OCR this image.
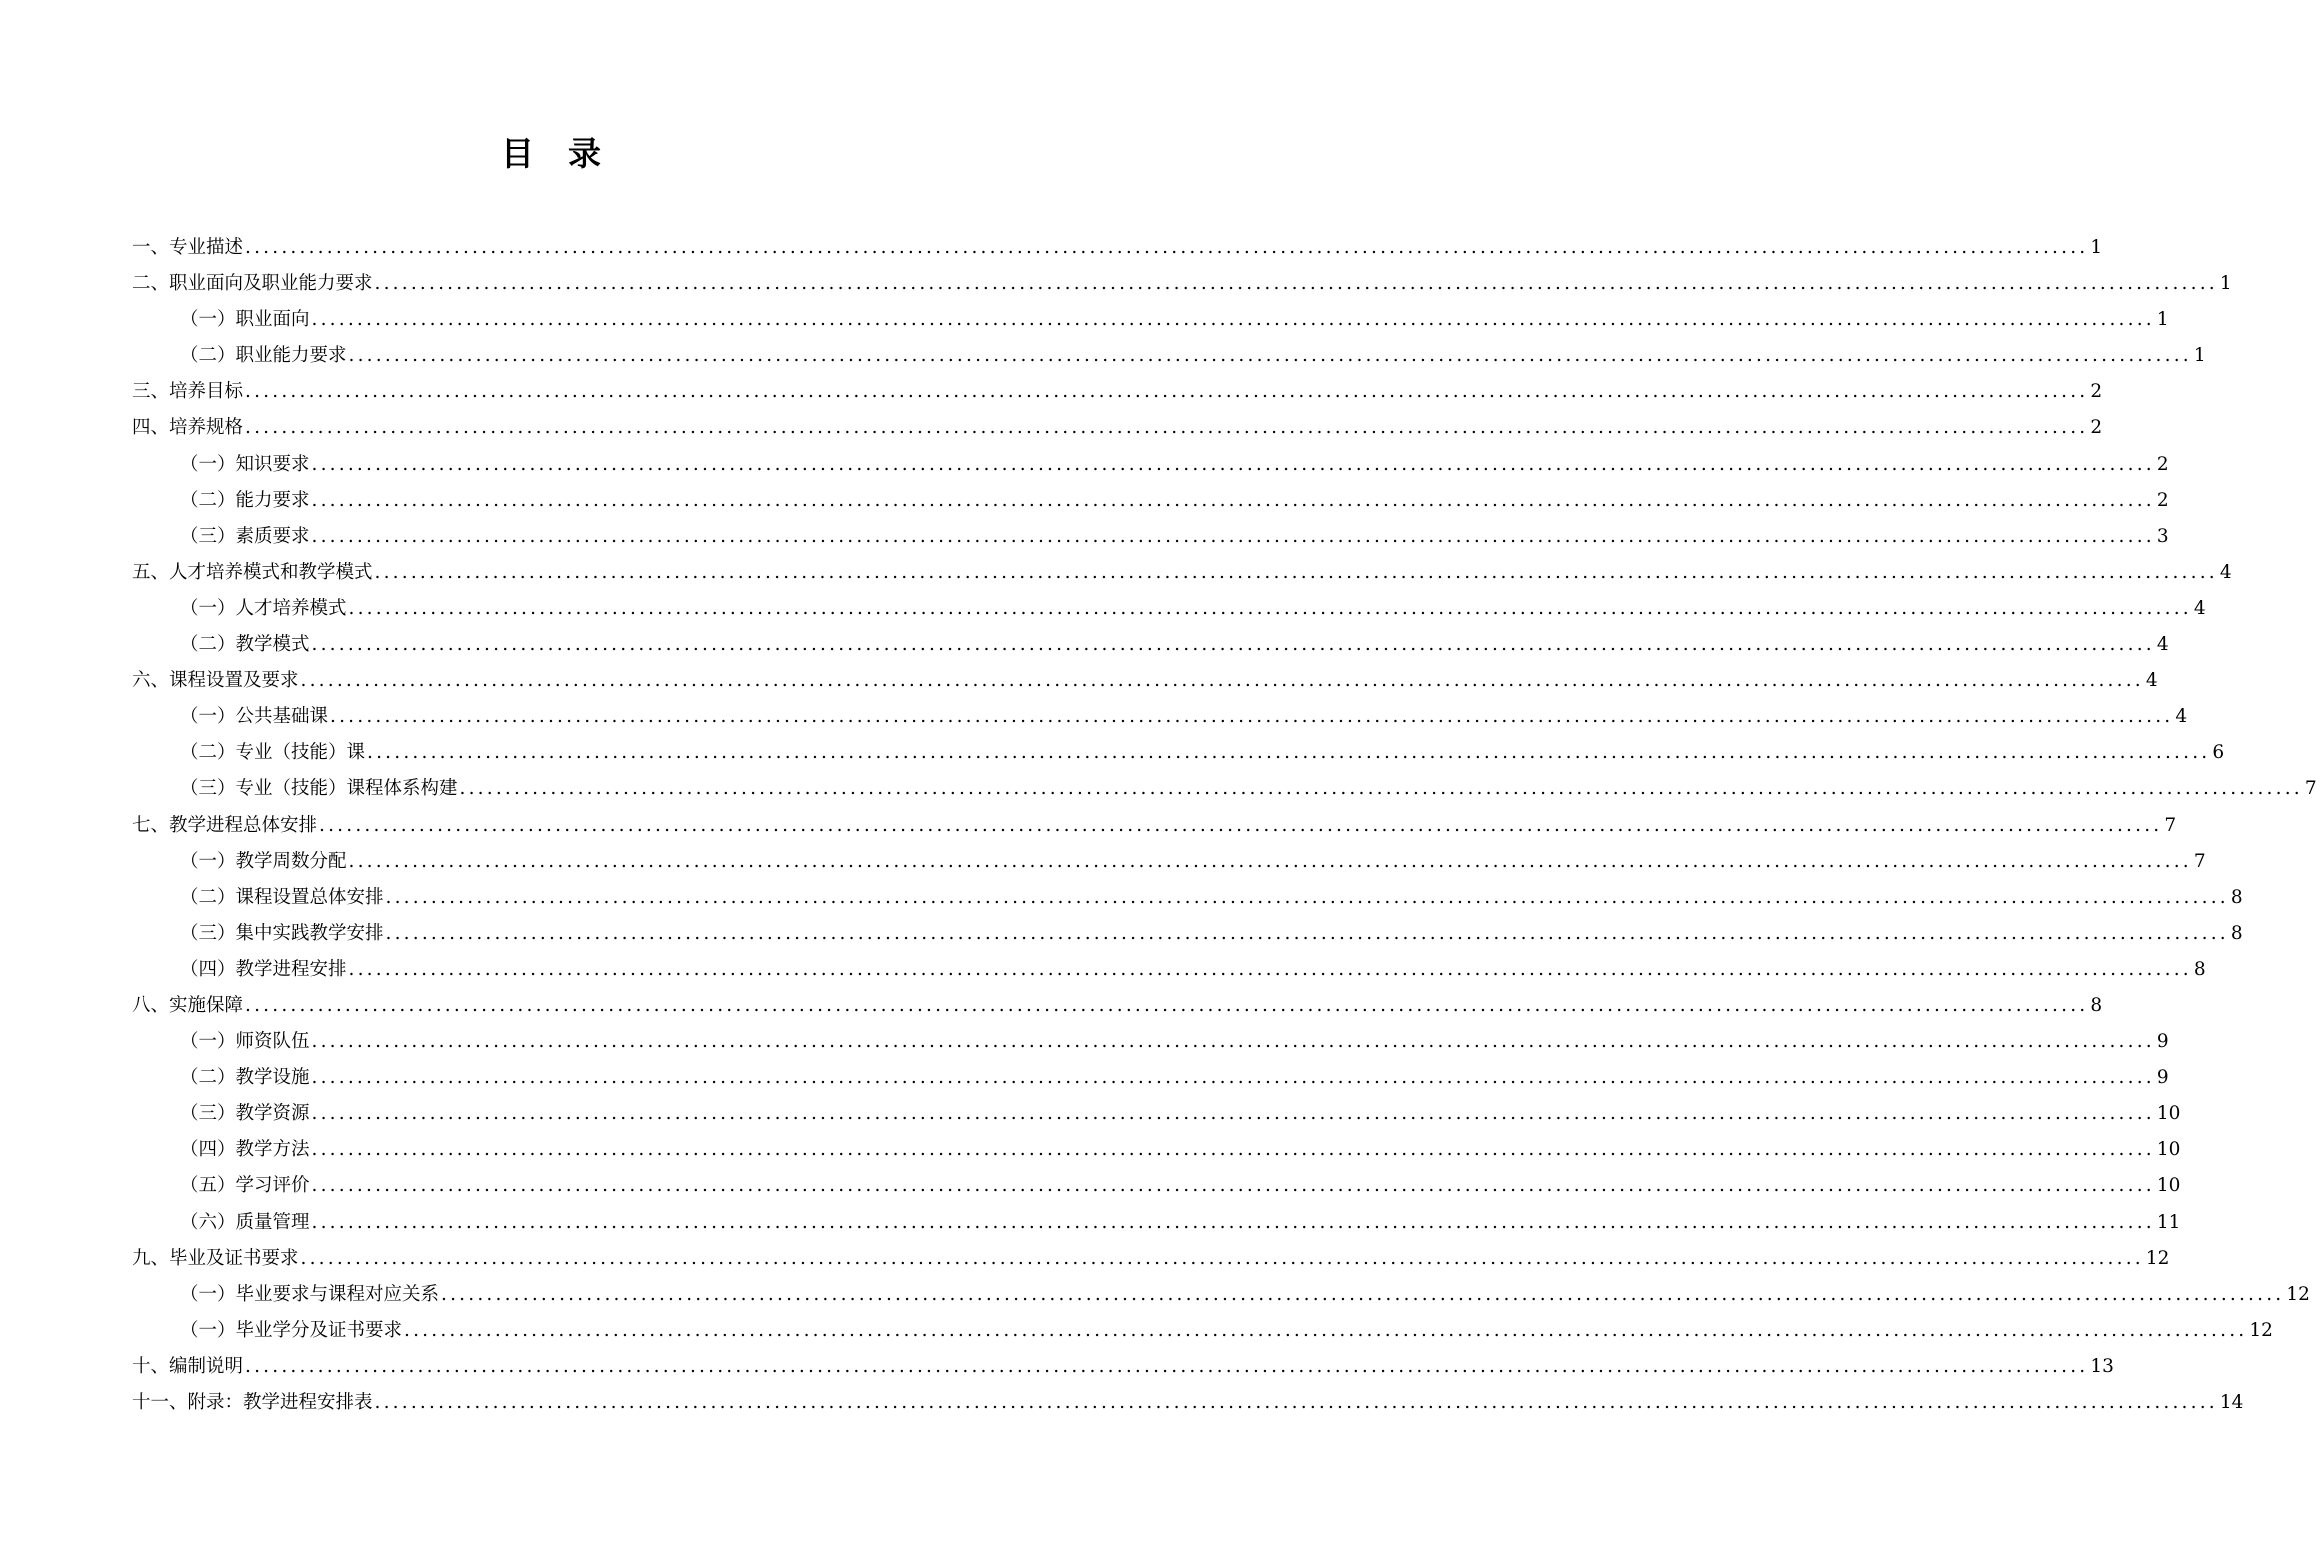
目 录
一、专业描述 ........................................................................................................................................................................................................... 1
二、职业面向及职业能力要求 ........................................................................................................................................................................................................... 1
（一）职业面向 ........................................................................................................................................................................................................... 1
（二）职业能力要求 ........................................................................................................................................................................................................... 1
三、培养目标 ........................................................................................................................................................................................................... 2
四、培养规格 ........................................................................................................................................................................................................... 2
（一）知识要求 ........................................................................................................................................................................................................... 2
（二）能力要求 ........................................................................................................................................................................................................... 2
（三）素质要求 ........................................................................................................................................................................................................... 3
五、人才培养模式和教学模式 ........................................................................................................................................................................................................... 4
（一）人才培养模式 ........................................................................................................................................................................................................... 4
（二）教学模式 ........................................................................................................................................................................................................... 4
六、课程设置及要求 ........................................................................................................................................................................................................... 4
（一）公共基础课 ........................................................................................................................................................................................................... 4
（二）专业（技能）课 ........................................................................................................................................................................................................... 6
（三）专业（技能）课程体系构建 ........................................................................................................................................................................................................... 7
七、教学进程总体安排 ........................................................................................................................................................................................................... 7
（一）教学周数分配 ........................................................................................................................................................................................................... 7
（二）课程设置总体安排 ........................................................................................................................................................................................................... 8
（三）集中实践教学安排 ........................................................................................................................................................................................................... 8
（四）教学进程安排 ........................................................................................................................................................................................................... 8
八、实施保障 ........................................................................................................................................................................................................... 8
（一）师资队伍 ........................................................................................................................................................................................................... 9
（二）教学设施 ........................................................................................................................................................................................................... 9
（三）教学资源 ........................................................................................................................................................................................................... 10
（四）教学方法 ........................................................................................................................................................................................................... 10
（五）学习评价 ........................................................................................................................................................................................................... 10
（六）质量管理 ........................................................................................................................................................................................................... 11
九、毕业及证书要求 ........................................................................................................................................................................................................... 12
（一）毕业要求与课程对应关系 ........................................................................................................................................................................................................... 12
（一）毕业学分及证书要求 ........................................................................................................................................................................................................... 12
十、编制说明 ........................................................................................................................................................................................................... 13
十一、附录：教学进程安排表 ........................................................................................................................................................................................................... 14
